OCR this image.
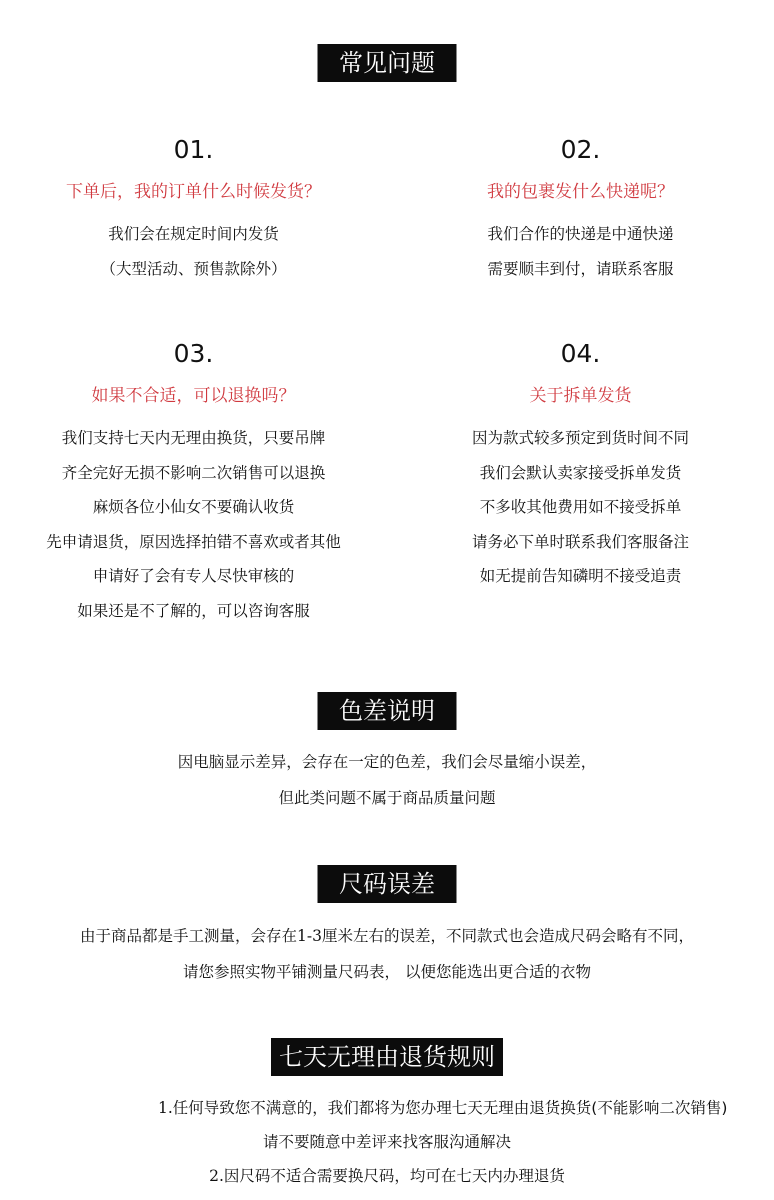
常见问题
01.
下单后，我的订单什么时候发货？
我们会在规定时间内发货
（大型活动、预售款除外）
02.
我的包裹发什么快递呢？
我们合作的快递是中通快递
需要顺丰到付，请联系客服
03.
如果不合适，可以退换吗？
我们支持七天内无理由换货，只要吊牌
齐全完好无损不影响二次销售可以退换
麻烦各位小仙女不要确认收货
先申请退货，原因选择拍错不喜欢或者其他
申请好了会有专人尽快审核的
如果还是不了解的，可以咨询客服
04.
关于拆单发货
因为款式较多预定到货时间不同
我们会默认卖家接受拆单发货
不多收其他费用如不接受拆单
请务必下单时联系我们客服备注
如无提前告知磷明不接受追责
色差说明
因电脑显示差异，会存在一定的色差，我们会尽量缩小误差，
但此类问题不属于商品质量问题
尺码误差
由于商品都是手工测量，会存在1-3厘米左右的误差，不同款式也会造成尺码会略有不同，
请您参照实物平铺测量尺码表， 以便您能选出更合适的衣物
七天无理由退货规则
1.任何导致您不满意的，我们都将为您办理七天无理由退货换货(不能影响二次销售)
请不要随意中差评来找客服沟通解决
2.因尺码不适合需要换尺码，均可在七天内办理退货
